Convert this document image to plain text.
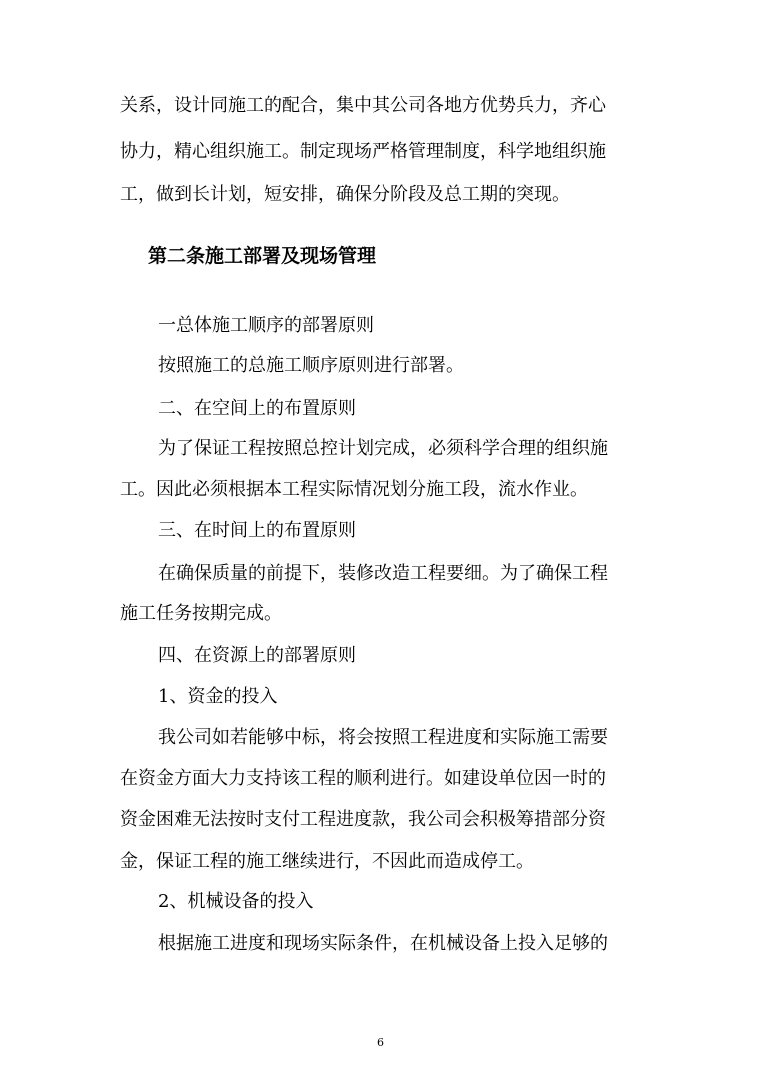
关系，设计同施工的配合，集中其公司各地方优势兵力，齐心
协力，精心组织施工。制定现场严格管理制度，科学地组织施
工，做到长计划，短安排，确保分阶段及总工期的突现。
第二条施工部署及现场管理
一总体施工顺序的部署原则
按照施工的总施工顺序原则进行部署。
二、在空间上的布置原则
为了保证工程按照总控计划完成，必须科学合理的组织施
工。因此必须根据本工程实际情况划分施工段，流水作业。
三、在时间上的布置原则
在确保质量的前提下，装修改造工程要细。为了确保工程
施工任务按期完成。
四、在资源上的部署原则
1、资金的投入
我公司如若能够中标，将会按照工程进度和实际施工需要
在资金方面大力支持该工程的顺利进行。如建设单位因一时的
资金困难无法按时支付工程进度款，我公司会积极筹措部分资
金，保证工程的施工继续进行，不因此而造成停工。
2、机械设备的投入
根据施工进度和现场实际条件，在机械设备上投入足够的
6
